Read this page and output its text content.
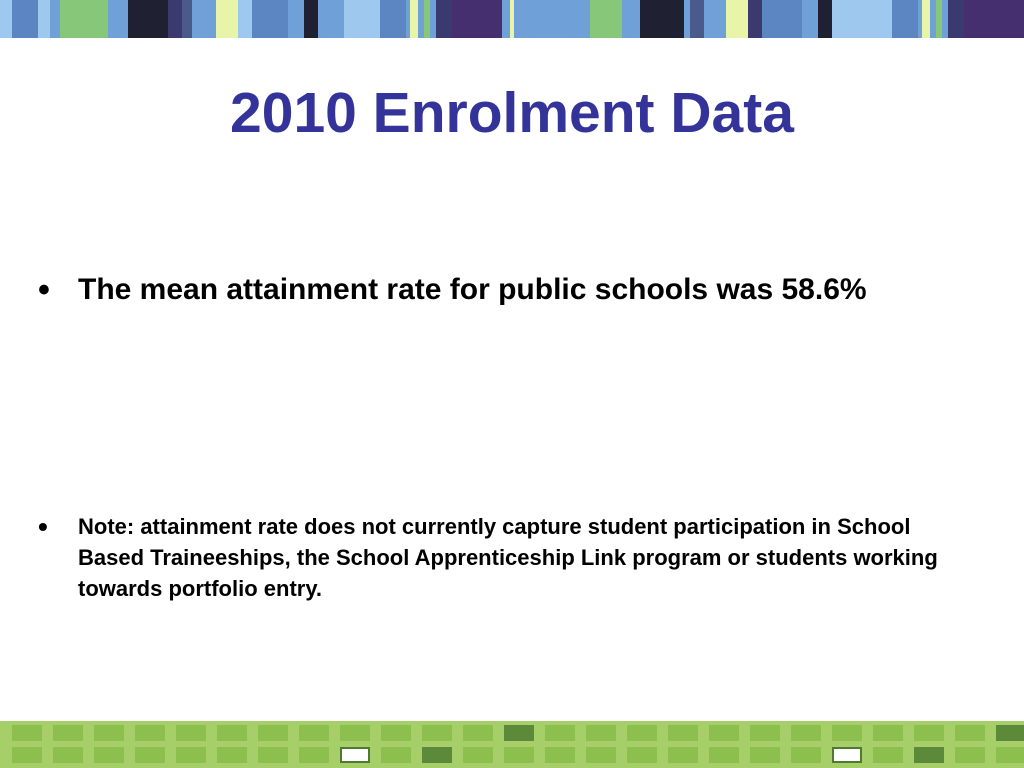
2010 Enrolment Data
• The mean attainment rate for public schools was 58.6%
•	Note: attainment rate does not currently capture student participation in School Based Traineeships, the School Apprenticeship Link program or students working towards portfolio entry.
